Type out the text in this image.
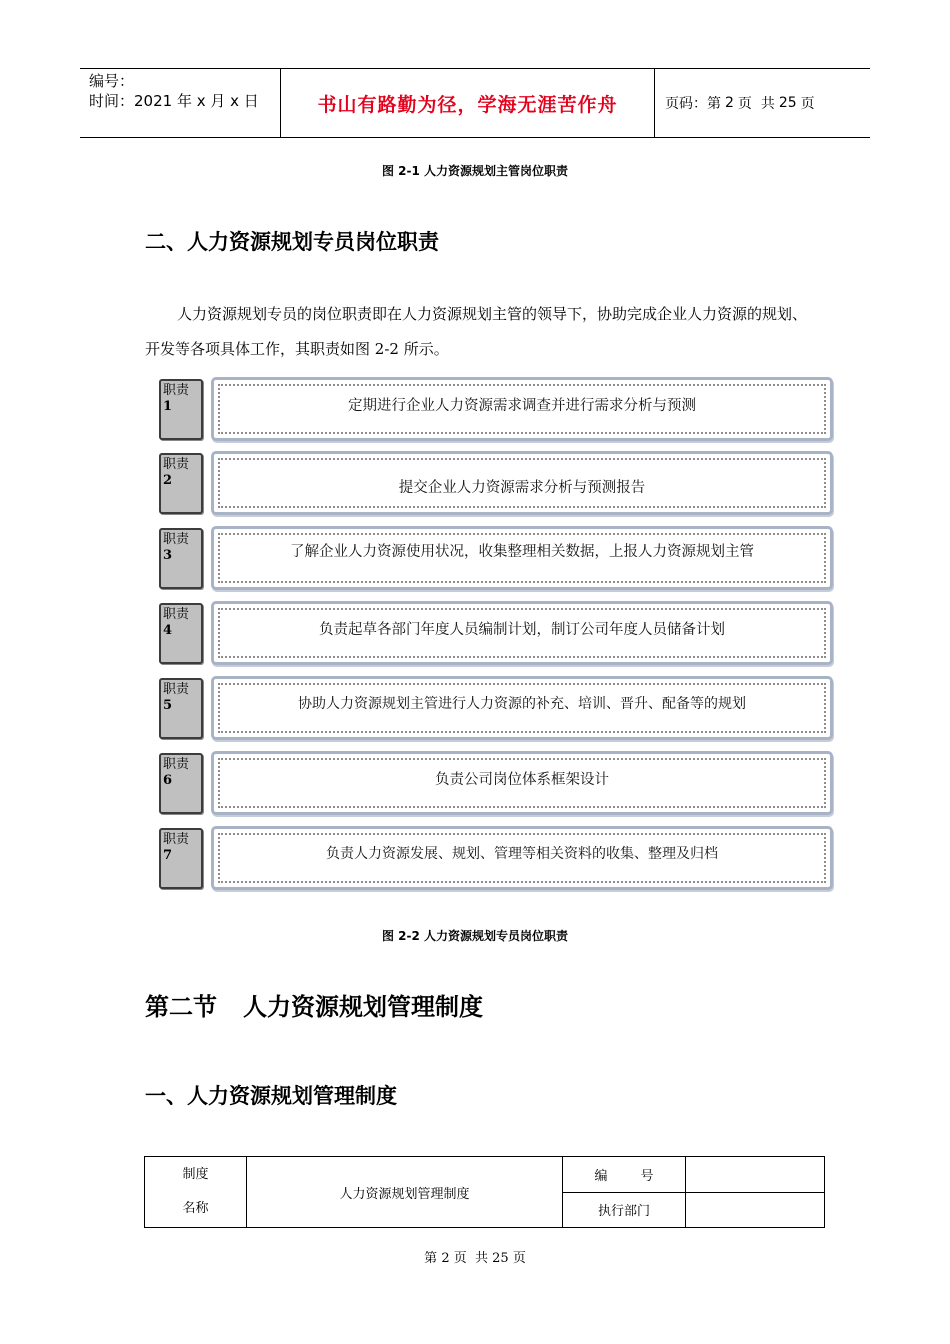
编号：
时间：2021 年 x 月 x 日	书山有路勤为径，学海无涯苦作舟	页码：第 2 页  共 25 页
图 2-1 人力资源规划主管岗位职责
二、人力资源规划专员岗位职责
人力资源规划专员的岗位职责即在人力资源规划主管的领导下，协助完成企业人力资源的规划、开发等各项具体工作，其职责如图 2-2 所示。
职责 1	定期进行企业人力资源需求调查并进行需求分析与预测
职责 2	提交企业人力资源需求分析与预测报告
职责 3	了解企业人力资源使用状况，收集整理相关数据，上报人力资源规划主管
职责 4	负责起草各部门年度人员编制计划，制订公司年度人员储备计划
职责 5	协助人力资源规划主管进行人力资源的补充、培训、晋升、配备等的规划
职责 6	负责公司岗位体系框架设计
职责 7	负责人力资源发展、规划、管理等相关资料的收集、整理及归档
图 2-2 人力资源规划专员岗位职责
第二节 人力资源规划管理制度
一、人力资源规划管理制度
制度
名称	人力资源规划管理制度	编        号	
		执行部门	
第 2 页  共 25 页
